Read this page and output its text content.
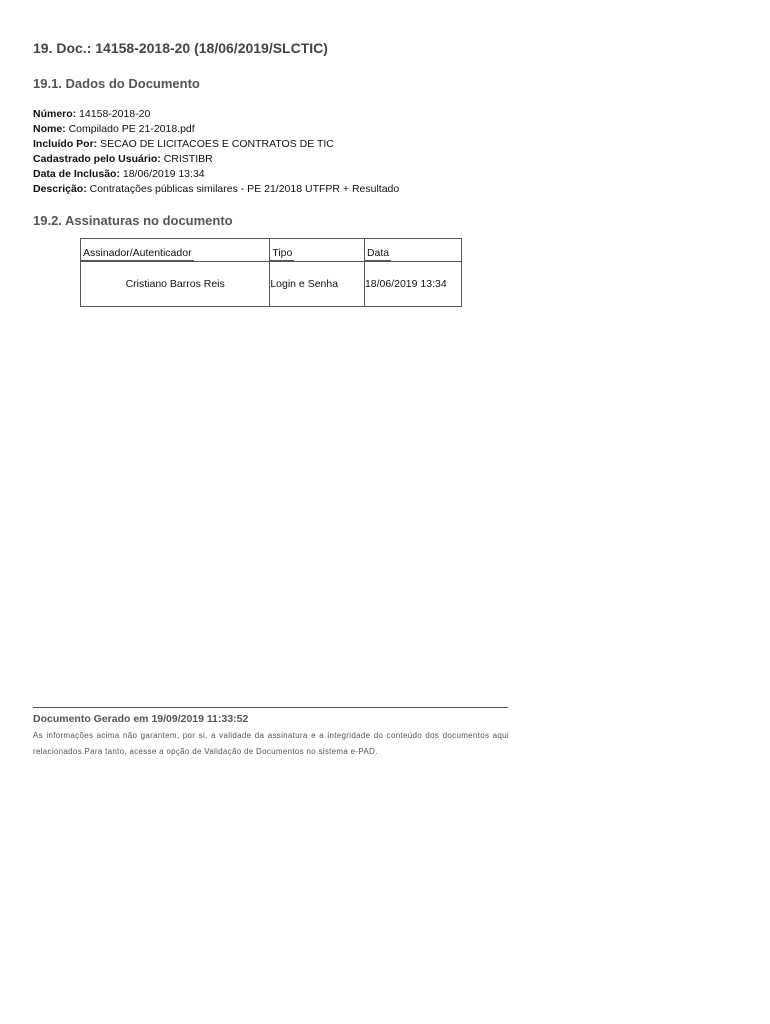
19. Doc.: 14158-2018-20 (18/06/2019/SLCTIC)
19.1. Dados do Documento
Número: 14158-2018-20
Nome: Compilado PE 21-2018.pdf
Incluído Por: SECAO DE LICITACOES E CONTRATOS DE TIC
Cadastrado pelo Usuário: CRISTIBR
Data de Inclusão: 18/06/2019 13:34
Descrição: Contratações públicas similares - PE 21/2018 UTFPR + Resultado
19.2. Assinaturas no documento
Assinador/Autenticador	Tipo	Data
Cristiano Barros Reis	Login e Senha	18/06/2019 13:34
Documento Gerado em 19/09/2019 11:33:52
As informações acima não garantem, por si, a validade da assinatura e a integridade do conteúdo dos documentos aqui relacionados.Para tanto, acesse a opção de Validação de Documentos no sistema e-PAD.
